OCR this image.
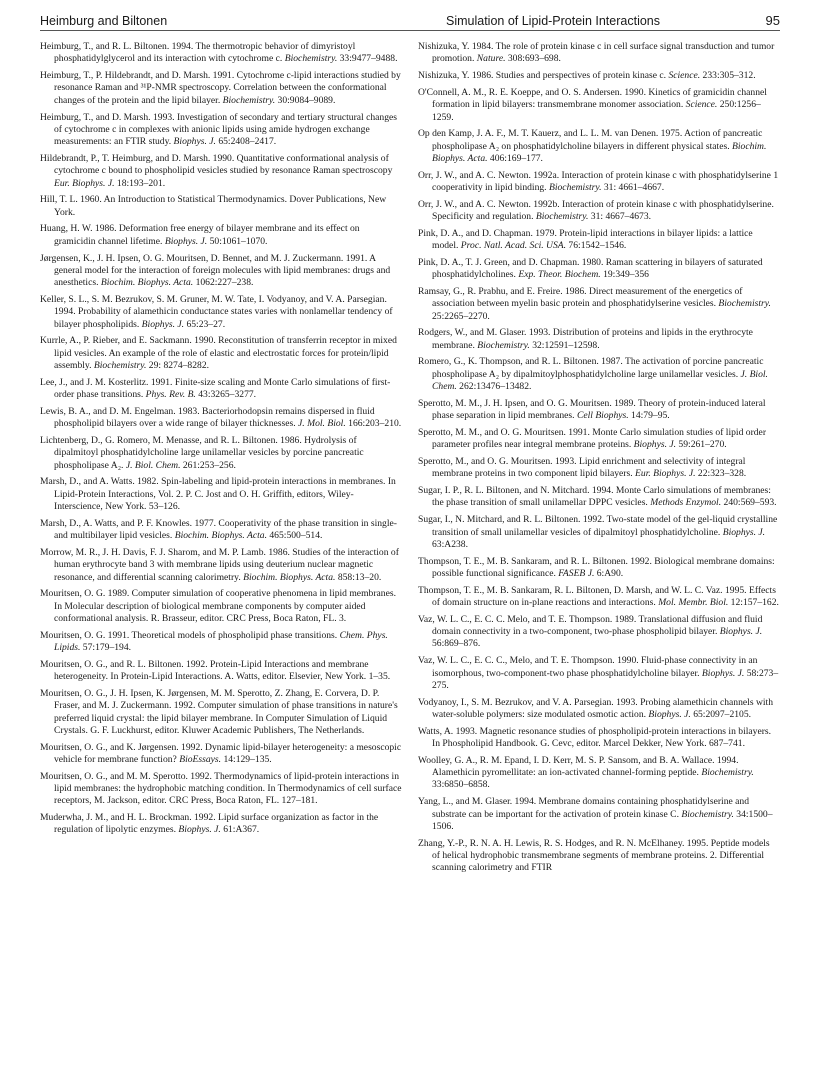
Heimburg and Biltonen	Simulation of Lipid-Protein Interactions	95

Heimburg, T., and R. L. Biltonen. 1994. The thermotropic behavior of dimyristoyl phosphatidylglycerol and its interaction with cytochrome c. Biochemistry. 33:9477–9488.

Heimburg, T., P. Hildebrandt, and D. Marsh. 1991. Cytochrome c-lipid interactions studied by resonance Raman and ³¹P-NMR spectroscopy. Correlation between the conformational changes of the protein and the lipid bilayer. Biochemistry. 30:9084–9089.

Heimburg, T., and D. Marsh. 1993. Investigation of secondary and tertiary structural changes of cytochrome c in complexes with anionic lipids using amide hydrogen exchange measurements: an FTIR study. Biophys. J. 65:2408–2417.

Hildebrandt, P., T. Heimburg, and D. Marsh. 1990. Quantitative conformational analysis of cytochrome c bound to phospholipid vesicles studied by resonance Raman spectroscopy Eur. Biophys. J. 18:193–201.

Hill, T. L. 1960. An Introduction to Statistical Thermodynamics. Dover Publications, New York.

Huang, H. W. 1986. Deformation free energy of bilayer membrane and its effect on gramicidin channel lifetime. Biophys. J. 50:1061–1070.

Jørgensen, K., J. H. Ipsen, O. G. Mouritsen, D. Bennet, and M. J. Zuckermann. 1991. A general model for the interaction of foreign molecules with lipid membranes: drugs and anesthetics. Biochim. Biophys. Acta. 1062:227–238.

Keller, S. L., S. M. Bezrukov, S. M. Gruner, M. W. Tate, I. Vodyanoy, and V. A. Parsegian. 1994. Probability of alamethicin conductance states varies with nonlamellar tendency of bilayer phospholipids. Biophys. J. 65:23–27.

Kurrle, A., P. Rieber, and E. Sackmann. 1990. Reconstitution of transferrin receptor in mixed lipid vesicles. An example of the role of elastic and electrostatic forces for protein/lipid assembly. Biochemistry. 29: 8274–8282.

Lee, J., and J. M. Kosterlitz. 1991. Finite-size scaling and Monte Carlo simulations of first-order phase transitions. Phys. Rev. B. 43:3265–3277.

Lewis, B. A., and D. M. Engelman. 1983. Bacteriorhodopsin remains dispersed in fluid phospholipid bilayers over a wide range of bilayer thicknesses. J. Mol. Biol. 166:203–210.

Lichtenberg, D., G. Romero, M. Menasse, and R. L. Biltonen. 1986. Hydrolysis of dipalmitoyl phosphatidylcholine large unilamellar vesicles by porcine pancreatic phospholipase A₂. J. Biol. Chem. 261:253–256.

Marsh, D., and A. Watts. 1982. Spin-labeling and lipid-protein interactions in membranes. In Lipid-Protein Interactions, Vol. 2. P. C. Jost and O. H. Griffith, editors, Wiley-Interscience, New York. 53–126.

Marsh, D., A. Watts, and P. F. Knowles. 1977. Cooperativity of the phase transition in single- and multibilayer lipid vesicles. Biochim. Biophys. Acta. 465:500–514.

Morrow, M. R., J. H. Davis, F. J. Sharom, and M. P. Lamb. 1986. Studies of the interaction of human erythrocyte band 3 with membrane lipids using deuterium nuclear magnetic resonance, and differential scanning calorimetry. Biochim. Biophys. Acta. 858:13–20.

Mouritsen, O. G. 1989. Computer simulation of cooperative phenomena in lipid membranes. In Molecular description of biological membrane components by computer aided conformational analysis. R. Brasseur, editor. CRC Press, Boca Raton, FL. 3.

Mouritsen, O. G. 1991. Theoretical models of phospholipid phase transitions. Chem. Phys. Lipids. 57:179–194.

Mouritsen, O. G., and R. L. Biltonen. 1992. Protein-Lipid Interactions and membrane heterogeneity. In Protein-Lipid Interactions. A. Watts, editor. Elsevier, New York. 1–35.

Mouritsen, O. G., J. H. Ipsen, K. Jørgensen, M. M. Sperotto, Z. Zhang, E. Corvera, D. P. Fraser, and M. J. Zuckermann. 1992. Computer simulation of phase transitions in nature's preferred liquid crystal: the lipid bilayer membrane. In Computer Simulation of Liquid Crystals. G. F. Luckhurst, editor. Kluwer Academic Publishers, The Netherlands.

Mouritsen, O. G., and K. Jørgensen. 1992. Dynamic lipid-bilayer heterogeneity: a mesoscopic vehicle for membrane function? BioEssays. 14:129–135.

Mouritsen, O. G., and M. M. Sperotto. 1992. Thermodynamics of lipid-protein interactions in lipid membranes: the hydrophobic matching condition. In Thermodynamics of cell surface receptors, M. Jackson, editor. CRC Press, Boca Raton, FL. 127–181.

Muderwha, J. M., and H. L. Brockman. 1992. Lipid surface organization as factor in the regulation of lipolytic enzymes. Biophys. J. 61:A367.

Nishizuka, Y. 1984. The role of protein kinase c in cell surface signal transduction and tumor promotion. Nature. 308:693–698.

Nishizuka, Y. 1986. Studies and perspectives of protein kinase c. Science. 233:305–312.

O'Connell, A. M., R. E. Koeppe, and O. S. Andersen. 1990. Kinetics of gramicidin channel formation in lipid bilayers: transmembrane monomer association. Science. 250:1256–1259.

Op den Kamp, J. A. F., M. T. Kauerz, and L. L. M. van Denen. 1975. Action of pancreatic phospholipase A₂ on phosphatidylcholine bilayers in different physical states. Biochim. Biophys. Acta. 406:169–177.

Orr, J. W., and A. C. Newton. 1992a. Interaction of protein kinase c with phosphatidylserine 1 cooperativity in lipid binding. Biochemistry. 31: 4661–4667.

Orr, J. W., and A. C. Newton. 1992b. Interaction of protein kinase c with phosphatidylserine. Specificity and regulation. Biochemistry. 31: 4667–4673.

Pink, D. A., and D. Chapman. 1979. Protein-lipid interactions in bilayer lipids: a lattice model. Proc. Natl. Acad. Sci. USA. 76:1542–1546.

Pink, D. A., T. J. Green, and D. Chapman. 1980. Raman scattering in bilayers of saturated phosphatidylcholines. Exp. Theor. Biochem. 19:349–356

Ramsay, G., R. Prabhu, and E. Freire. 1986. Direct measurement of the energetics of association between myelin basic protein and phosphatidylserine vesicles. Biochemistry. 25:2265–2270.

Rodgers, W., and M. Glaser. 1993. Distribution of proteins and lipids in the erythrocyte membrane. Biochemistry. 32:12591–12598.

Romero, G., K. Thompson, and R. L. Biltonen. 1987. The activation of porcine pancreatic phospholipase A₂ by dipalmitoylphosphatidylcholine large unilamellar vesicles. J. Biol. Chem. 262:13476–13482.

Sperotto, M. M., J. H. Ipsen, and O. G. Mouritsen. 1989. Theory of protein-induced lateral phase separation in lipid membranes. Cell Biophys. 14:79–95.

Sperotto, M. M., and O. G. Mouritsen. 1991. Monte Carlo simulation studies of lipid order parameter profiles near integral membrane proteins. Biophys. J. 59:261–270.

Sperotto, M., and O. G. Mouritsen. 1993. Lipid enrichment and selectivity of integral membrane proteins in two component lipid bilayers. Eur. Biophys. J. 22:323–328.

Sugar, I. P., R. L. Biltonen, and N. Mitchard. 1994. Monte Carlo simulations of membranes: the phase transition of small unilamellar DPPC vesicles. Methods Enzymol. 240:569–593.

Sugar, I., N. Mitchard, and R. L. Biltonen. 1992. Two-state model of the gel-liquid crystalline transition of small unilamellar vesicles of dipalmitoyl phosphatidylcholine. Biophys. J. 63:A238.

Thompson, T. E., M. B. Sankaram, and R. L. Biltonen. 1992. Biological membrane domains: possible functional significance. FASEB J. 6:A90.

Thompson, T. E., M. B. Sankaram, R. L. Biltonen, D. Marsh, and W. L. C. Vaz. 1995. Effects of domain structure on in-plane reactions and interactions. Mol. Membr. Biol. 12:157–162.

Vaz, W. L. C., E. C. C. Melo, and T. E. Thompson. 1989. Translational diffusion and fluid domain connectivity in a two-component, two-phase phospholipid bilayer. Biophys. J. 56:869–876.

Vaz, W. L. C., E. C. C., Melo, and T. E. Thompson. 1990. Fluid-phase connectivity in an isomorphous, two-component-two phase phosphatidylcholine bilayer. Biophys. J. 58:273–275.

Vodyanoy, I., S. M. Bezrukov, and V. A. Parsegian. 1993. Probing alamethicin channels with water-soluble polymers: size modulated osmotic action. Biophys. J. 65:2097–2105.

Watts, A. 1993. Magnetic resonance studies of phospholipid-protein interactions in bilayers. In Phospholipid Handbook. G. Cevc, editor. Marcel Dekker, New York. 687–741.

Woolley, G. A., R. M. Epand, I. D. Kerr, M. S. P. Sansom, and B. A. Wallace. 1994. Alamethicin pyromellitate: an ion-activated channel-forming peptide. Biochemistry. 33:6850–6858.

Yang, L., and M. Glaser. 1994. Membrane domains containing phosphatidylserine and substrate can be important for the activation of protein kinase C. Biochemistry. 34:1500–1506.

Zhang, Y.-P., R. N. A. H. Lewis, R. S. Hodges, and R. N. McElhaney. 1995. Peptide models of helical hydrophobic transmembrane segments of membrane proteins. 2. Differential scanning calorimetry and FTIR
